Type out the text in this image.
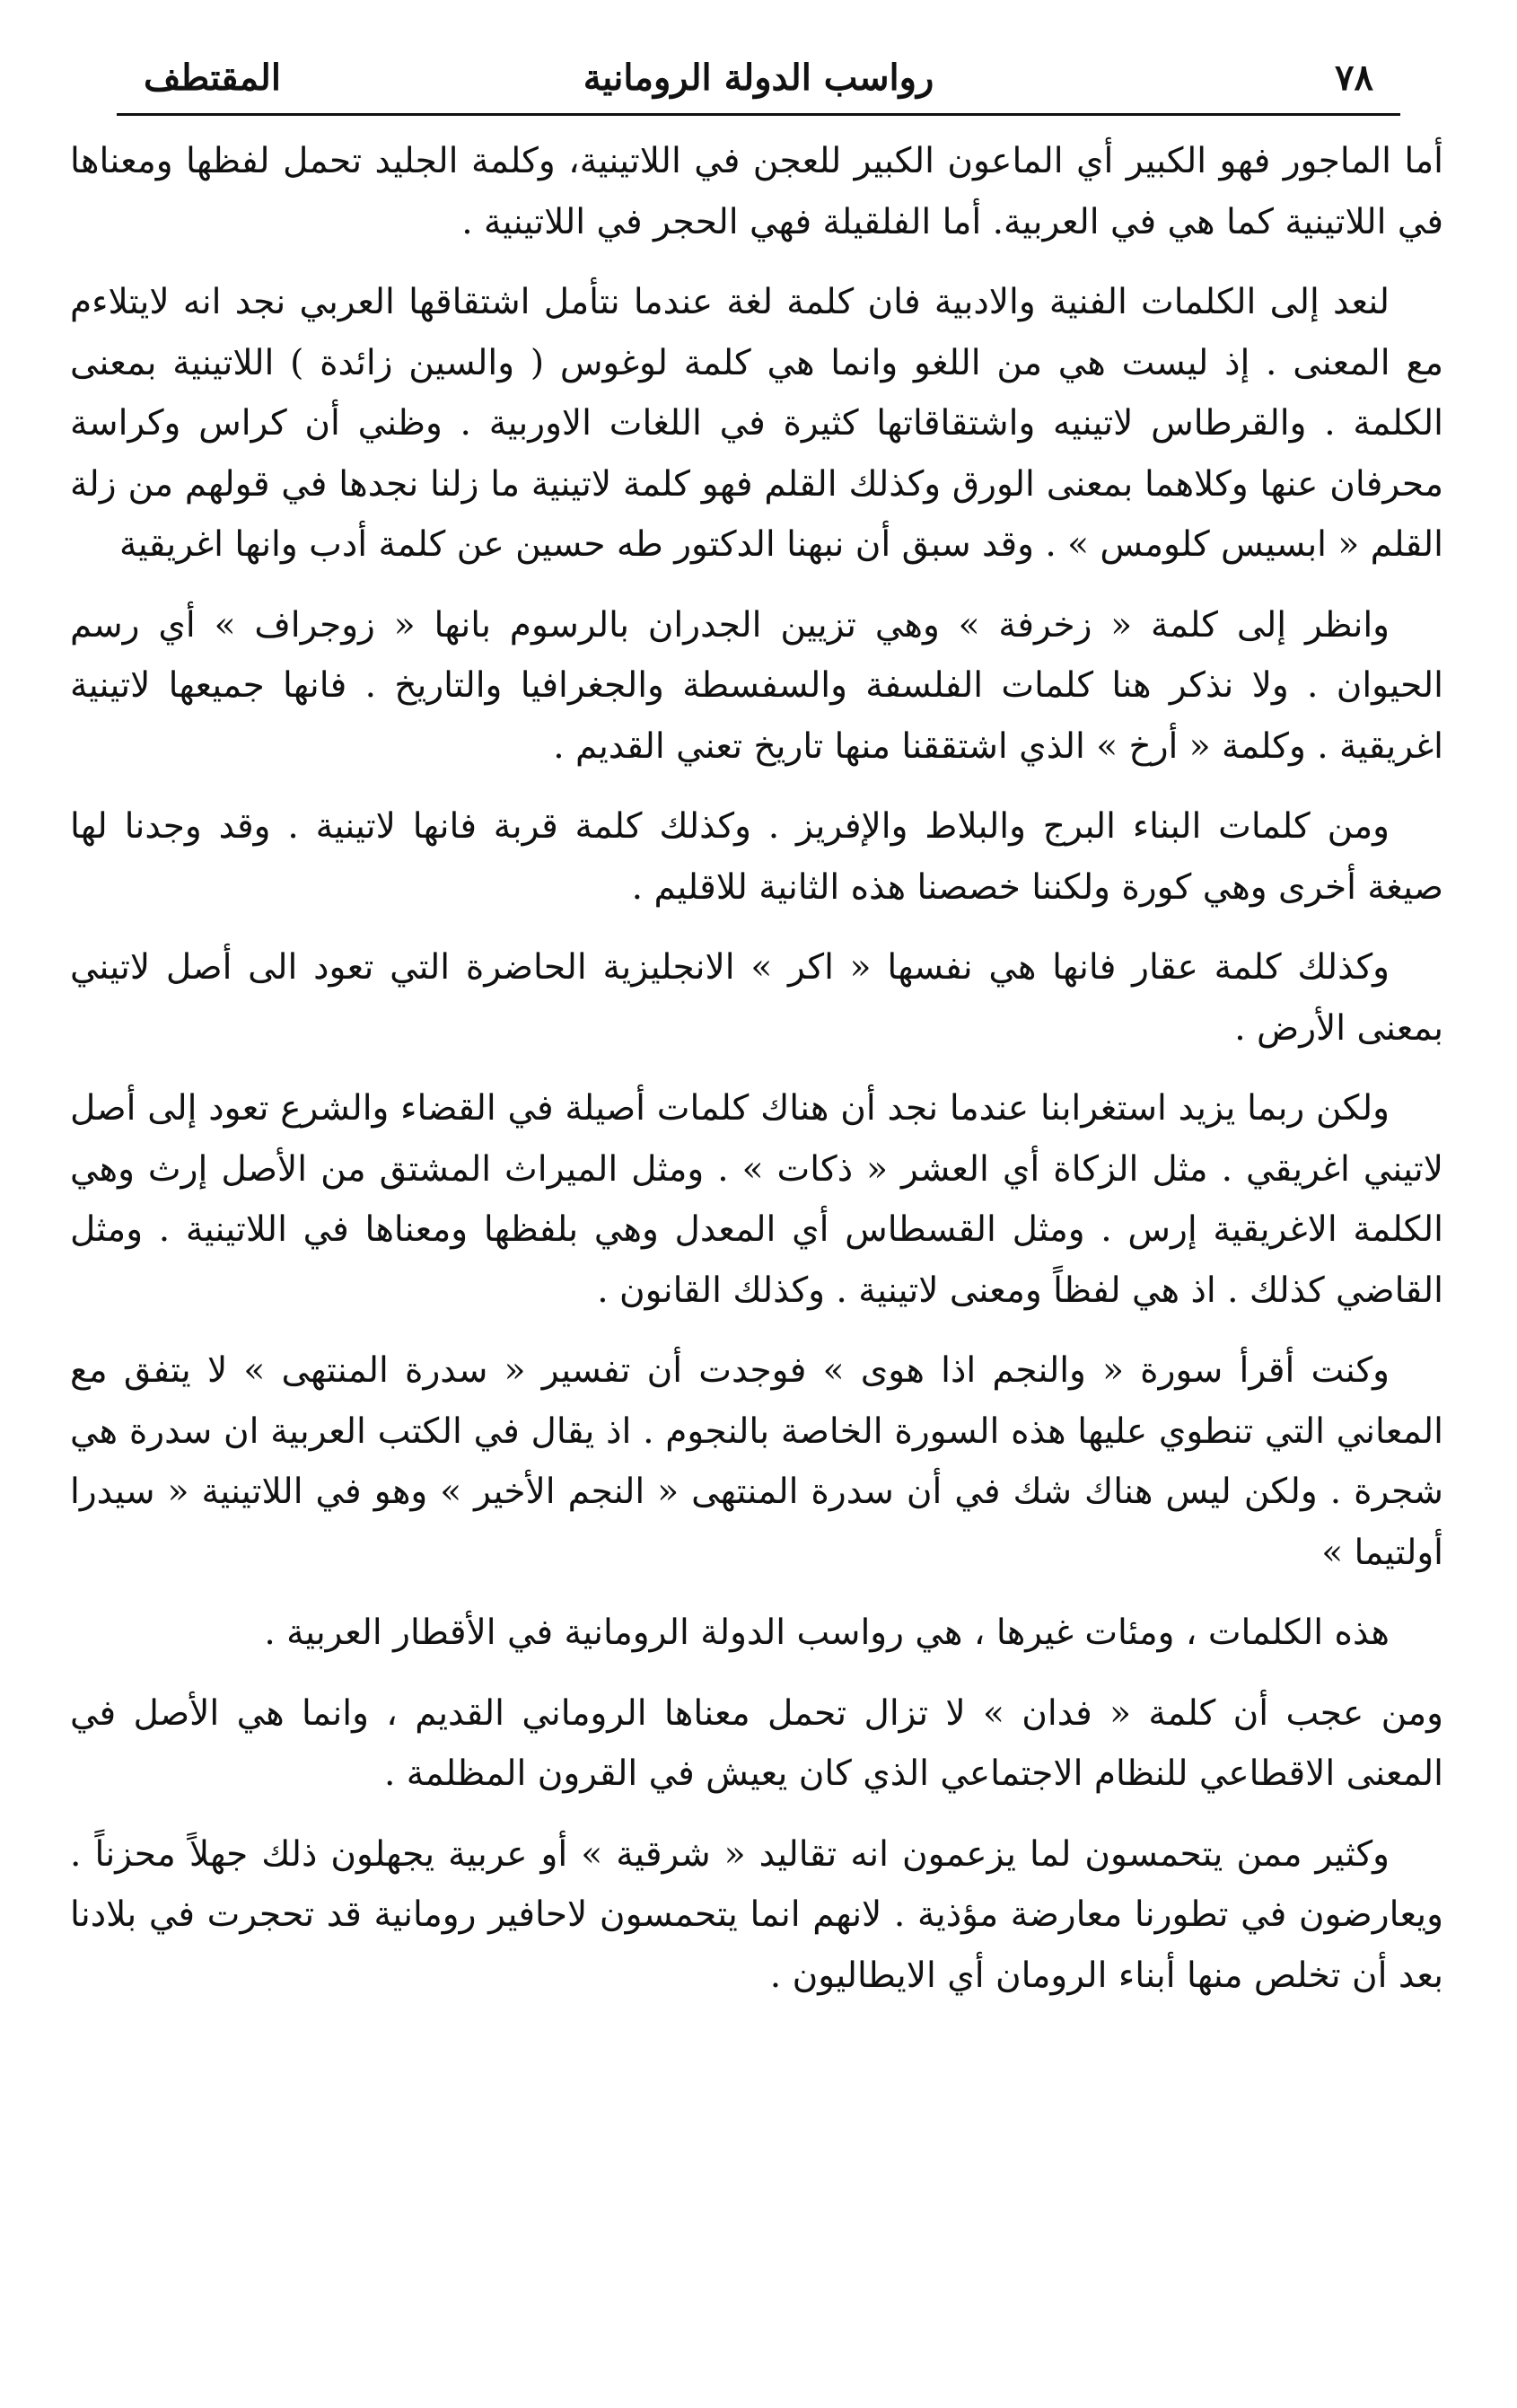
٧٨
رواسب الدولة الرومانية
المقتطف

أما الماجور فهو الكبير أي الماعون الكبير للعجن في اللاتينية، وكلمة الجليد تحمل لفظها ومعناها في اللاتينية كما هي في العربية. أما الفلقيلة فهي الحجر في اللاتينية .

لنعد إلى الكلمات الفنية والادبية فان كلمة لغة عندما نتأمل اشتقاقها العربي نجد انه لايتلاءم مع المعنى . إذ ليست هي من اللغو وانما هي كلمة لوغوس ( والسين زائدة ) اللاتينية بمعنى الكلمة . والقرطاس لاتينيه واشتقاقاتها كثيرة في اللغات الاوربية . وظني أن كراس وكراسة محرفان عنها وكلاهما بمعنى الورق وكذلك القلم فهو كلمة لاتينية ما زلنا نجدها في قولهم من زلة القلم « ابسيس كلومس » . وقد سبق أن نبهنا الدكتور طه حسين عن كلمة أدب وانها اغريقية

وانظر إلى كلمة « زخرفة » وهي تزيين الجدران بالرسوم بانها « زوجراف » أي رسم الحيوان . ولا نذكر هنا كلمات الفلسفة والسفسطة والجغرافيا والتاريخ . فانها جميعها لاتينية اغريقية . وكلمة « أرخ » الذي اشتققنا منها تاريخ تعني القديم .

ومن كلمات البناء البرج والبلاط والإفريز . وكذلك كلمة قربة فانها لاتينية . وقد وجدنا لها صيغة أخرى وهي كورة ولكننا خصصنا هذه الثانية للاقليم .

وكذلك كلمة عقار فانها هي نفسها « اكر » الانجليزية الحاضرة التي تعود الى أصل لاتيني بمعنى الأرض .

ولكن ربما يزيد استغرابنا عندما نجد أن هناك كلمات أصيلة في القضاء والشرع تعود إلى أصل لاتيني اغريقي . مثل الزكاة أي العشر « ذكات » . ومثل الميراث المشتق من الأصل إرث وهي الكلمة الاغريقية إرس . ومثل القسطاس أي المعدل وهي بلفظها ومعناها في اللاتينية . ومثل القاضي كذلك . اذ هي لفظاً ومعنى لاتينية . وكذلك القانون .

وكنت أقرأ سورة « والنجم اذا هوى » فوجدت أن تفسير « سدرة المنتهى » لا يتفق مع المعاني التي تنطوي عليها هذه السورة الخاصة بالنجوم . اذ يقال في الكتب العربية ان سدرة هي شجرة . ولكن ليس هناك شك في أن سدرة المنتهى « النجم الأخير » وهو في اللاتينية « سيدرا أولتيما »

هذه الكلمات ، ومئات غيرها ، هي رواسب الدولة الرومانية في الأقطار العربية .

ومن عجب أن كلمة « فدان » لا تزال تحمل معناها الروماني القديم ، وانما هي الأصل في المعنى الاقطاعي للنظام الاجتماعي الذي كان يعيش في القرون المظلمة .

وكثير ممن يتحمسون لما يزعمون انه تقاليد « شرقية » أو عربية يجهلون ذلك جهلاً محزناً . ويعارضون في تطورنا معارضة مؤذية . لانهم انما يتحمسون لاحافير رومانية قد تحجرت في بلادنا بعد أن تخلص منها أبناء الرومان أي الايطاليون .
